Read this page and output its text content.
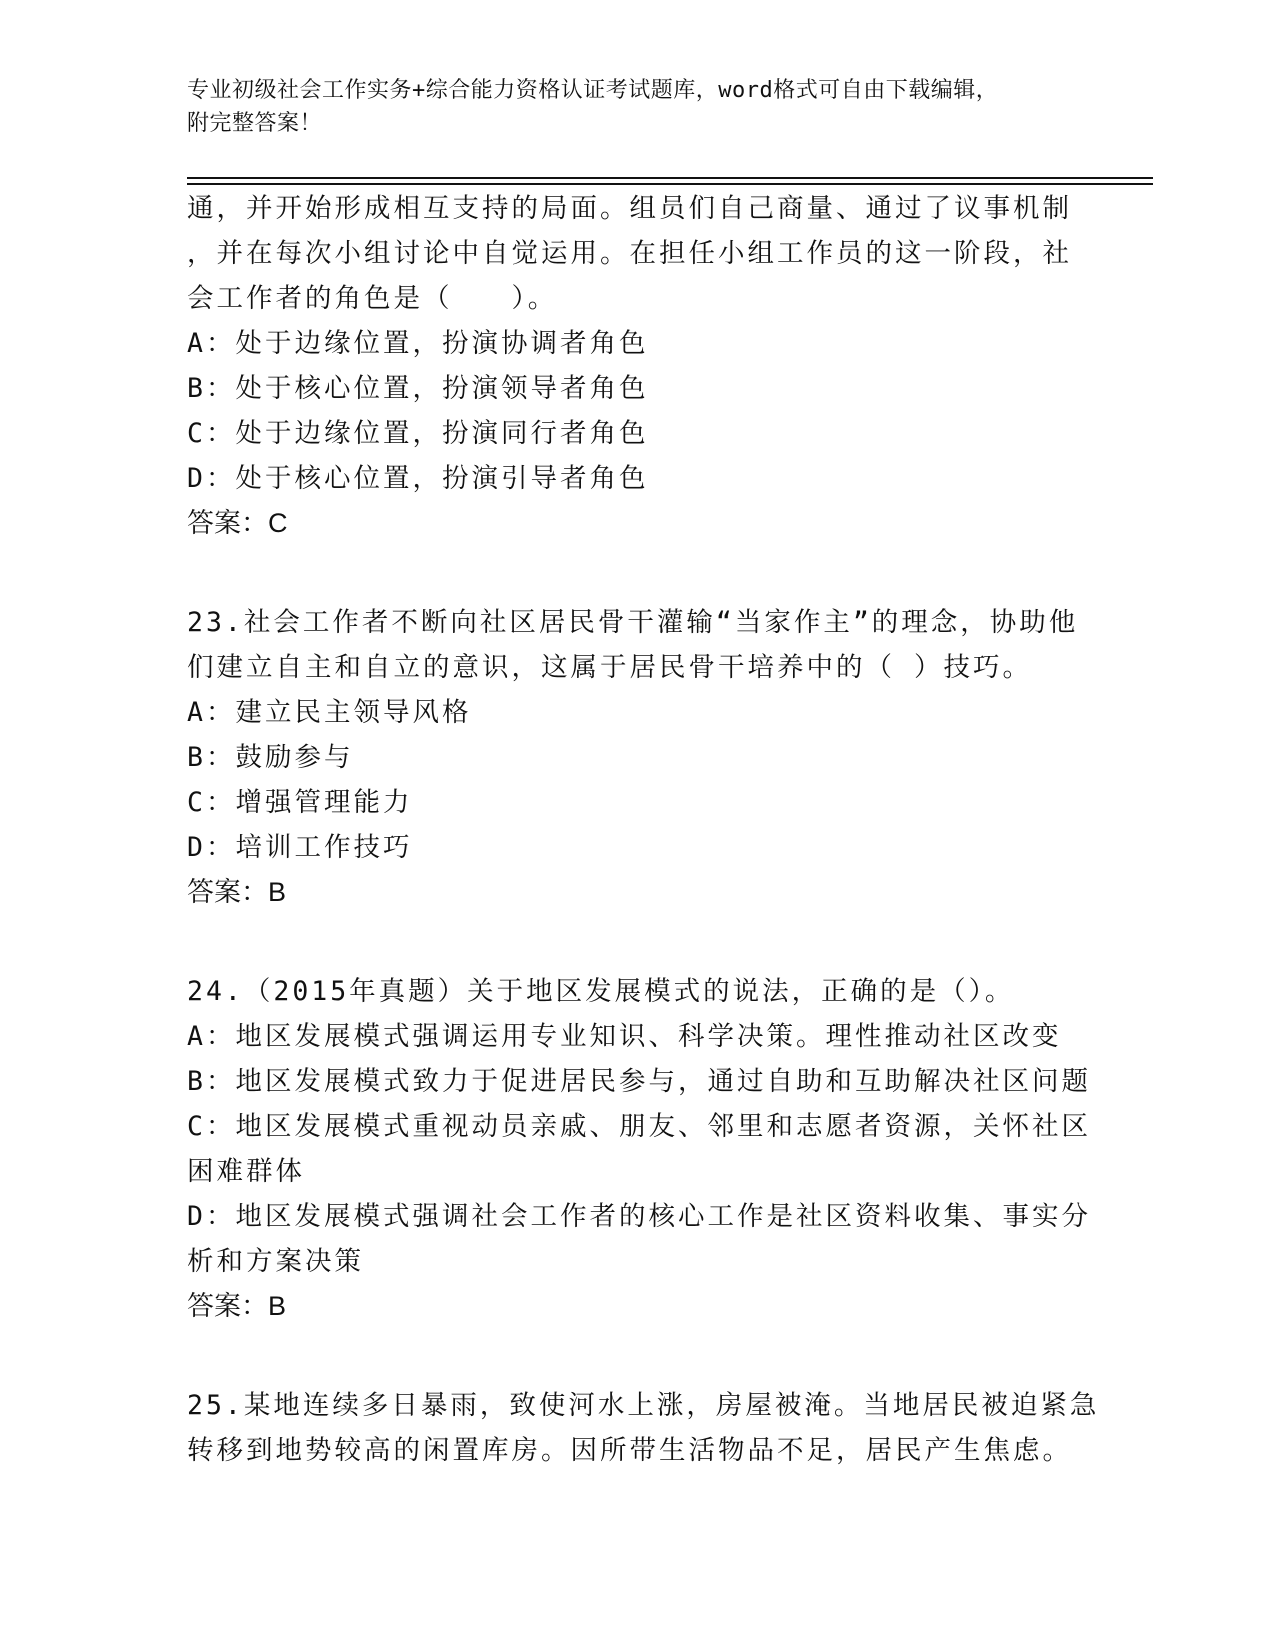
专业初级社会工作实务+综合能力资格认证考试题库，word格式可自由下载编辑，
附完整答案！
通，并开始形成相互支持的局面。组员们自己商量、通过了议事机制
，并在每次小组讨论中自觉运用。在担任小组工作员的这一阶段，社
会工作者的角色是（　　）。
A：处于边缘位置，扮演协调者角色
B：处于核心位置，扮演领导者角色
C：处于边缘位置，扮演同行者角色
D：处于核心位置，扮演引导者角色
答案：C
23.社会工作者不断向社区居民骨干灌输“当家作主”的理念，协助他
们建立自主和自立的意识，这属于居民骨干培养中的（ ）技巧。
A：建立民主领导风格
B：鼓励参与
C：增强管理能力
D：培训工作技巧
答案：B
24.（2015年真题）关于地区发展模式的说法，正确的是（）。
A：地区发展模式强调运用专业知识、科学决策。理性推动社区改变
B：地区发展模式致力于促进居民参与，通过自助和互助解决社区问题
C：地区发展模式重视动员亲戚、朋友、邻里和志愿者资源，关怀社区
困难群体
D：地区发展模式强调社会工作者的核心工作是社区资料收集、事实分
析和方案决策
答案：B
25.某地连续多日暴雨，致使河水上涨，房屋被淹。当地居民被迫紧急
转移到地势较高的闲置库房。因所带生活物品不足，居民产生焦虑。
